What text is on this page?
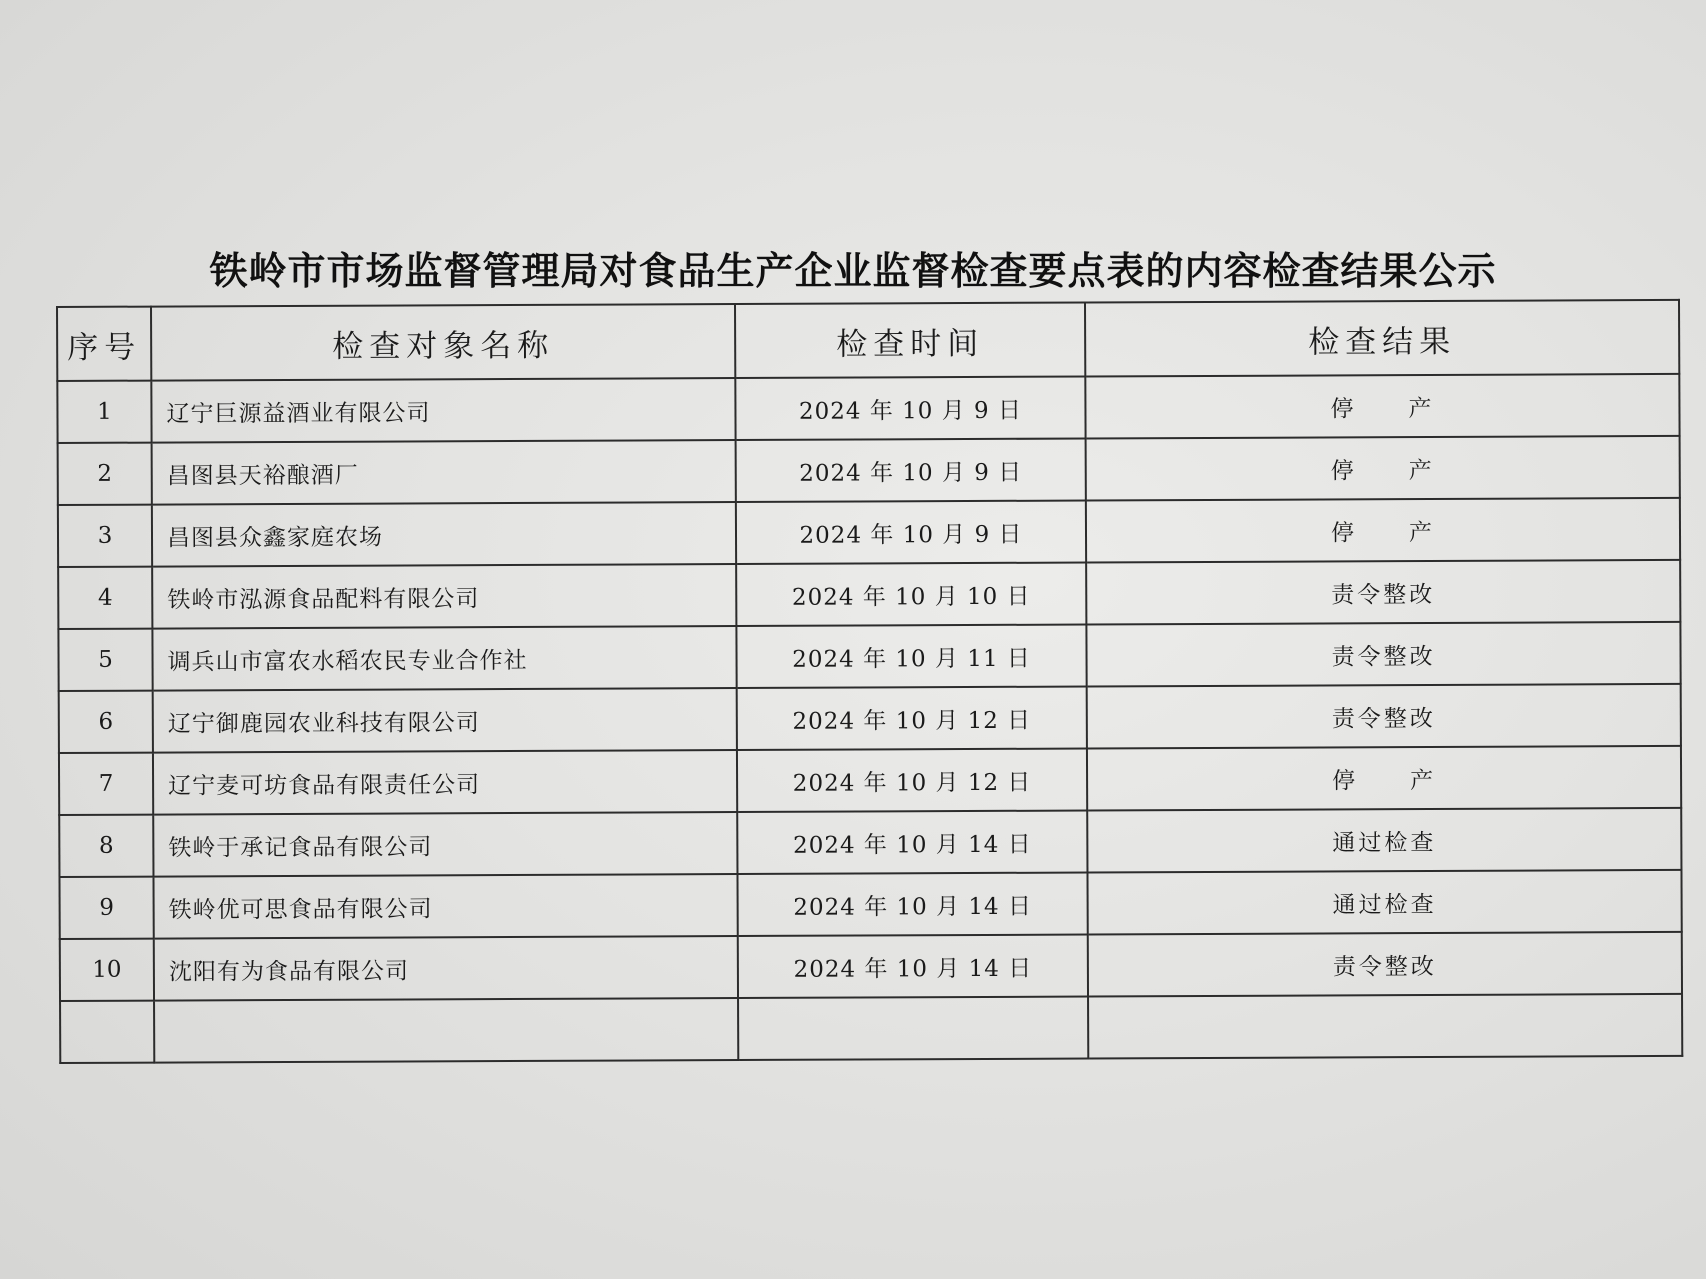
铁岭市市场监督管理局对食品生产企业监督检查要点表的内容检查结果公示
序号	检查对象名称	检查时间	检查结果
1	辽宁巨源益酒业有限公司	2024 年 10 月 9 日	停　　产
2	昌图县天裕酿酒厂	2024 年 10 月 9 日	停　　产
3	昌图县众鑫家庭农场	2024 年 10 月 9 日	停　　产
4	铁岭市泓源食品配料有限公司	2024 年 10 月 10 日	责令整改
5	调兵山市富农水稻农民专业合作社	2024 年 10 月 11 日	责令整改
6	辽宁御鹿园农业科技有限公司	2024 年 10 月 12 日	责令整改
7	辽宁麦可坊食品有限责任公司	2024 年 10 月 12 日	停　　产
8	铁岭于承记食品有限公司	2024 年 10 月 14 日	通过检查
9	铁岭优可思食品有限公司	2024 年 10 月 14 日	通过检查
10	沈阳有为食品有限公司	2024 年 10 月 14 日	责令整改
